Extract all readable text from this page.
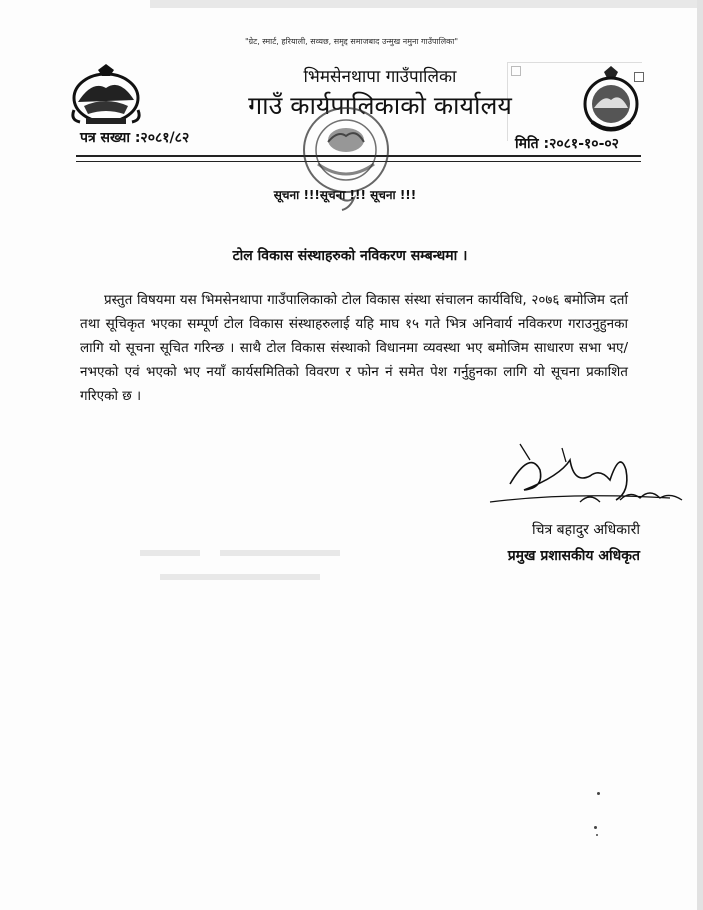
"ग्रेट, स्मार्ट, हरियाली, सव्यछ, समृद्द समाजबाद उन्मुख नमुना गाउँपालिका"
भिमसेनथापा गाउँपालिका
गाउँ कार्यपालिकाको कार्यालय
पत्र सख्या :२०८१/८२	मिति :२०८१-१०-०२
सूचना !!!सूचना !!! सूचना !!!
टोल विकास संस्थाहरुको नविकरण सम्बन्धमा ।
प्रस्तुत विषयमा यस भिमसेनथापा गाउँपालिकाको टोल विकास संस्था संचालन कार्यविधि, २०७६ बमोजिम दर्ता तथा सूचिकृत भएका सम्पूर्ण टोल विकास संस्थाहरुलाई यहि माघ १५ गते भित्र अनिवार्य नविकरण गराउनुहुनका लागि यो सूचना सूचित गरिन्छ । साथै टोल विकास संस्थाको विधानमा व्यवस्था भए बमोजिम साधारण सभा भए/नभएको एवं भएको भए नयाँ कार्यसमितिको विवरण र फोन नं समेत पेश गर्नुहुनका लागि यो सूचना प्रकाशित गरिएको छ ।
चित्र बहादुर अधिकारी
प्रमुख प्रशासकीय अधिकृत
